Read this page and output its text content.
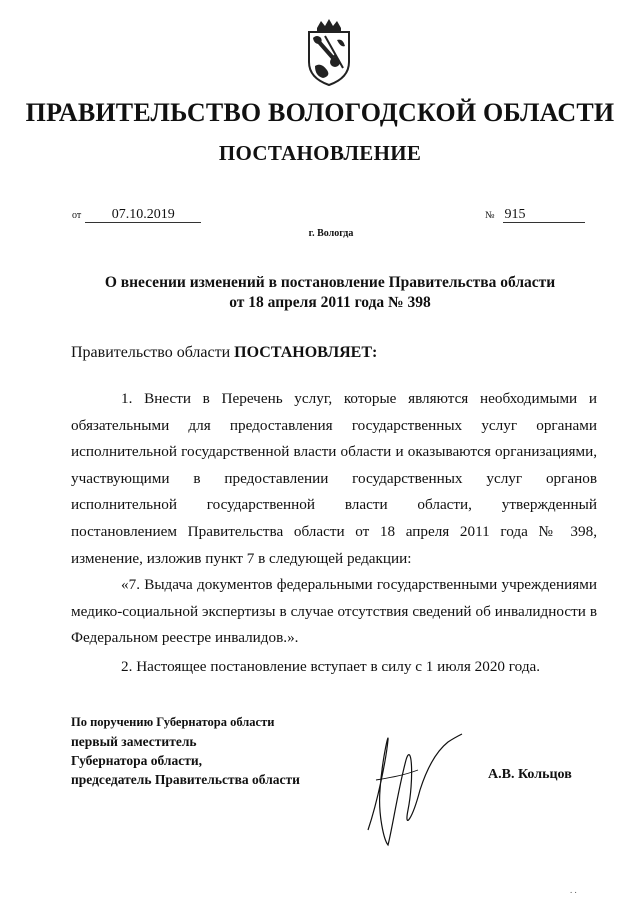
ПРАВИТЕЛЬСТВО ВОЛОГОДСКОЙ ОБЛАСТИ
ПОСТАНОВЛЕНИЕ
от 07.10.2019	№ 915
г. Вологда
О внесении изменений в постановление Правительства области
от 18 апреля 2011 года № 398
Правительство области ПОСТАНОВЛЯЕТ:

1. Внести в Перечень услуг, которые являются необходимыми и обязательными для предоставления государственных услуг органами исполнительной государственной власти области и оказываются организациями, участвующими в предоставлении государственных услуг органов исполнительной государственной власти области, утвержденный постановлением Правительства области от 18 апреля 2011 года № 398, изменение, изложив пункт 7 в следующей редакции:

«7. Выдача документов федеральными государственными учреждениями медико-социальной экспертизы в случае отсутствия сведений об инвалидности в Федеральном реестре инвалидов.».

2. Настоящее постановление вступает в силу с 1 июля 2020 года.

По поручению Губернатора области
первый заместитель
Губернатора области,
председатель Правительства области	А.В. Кольцов
. .
